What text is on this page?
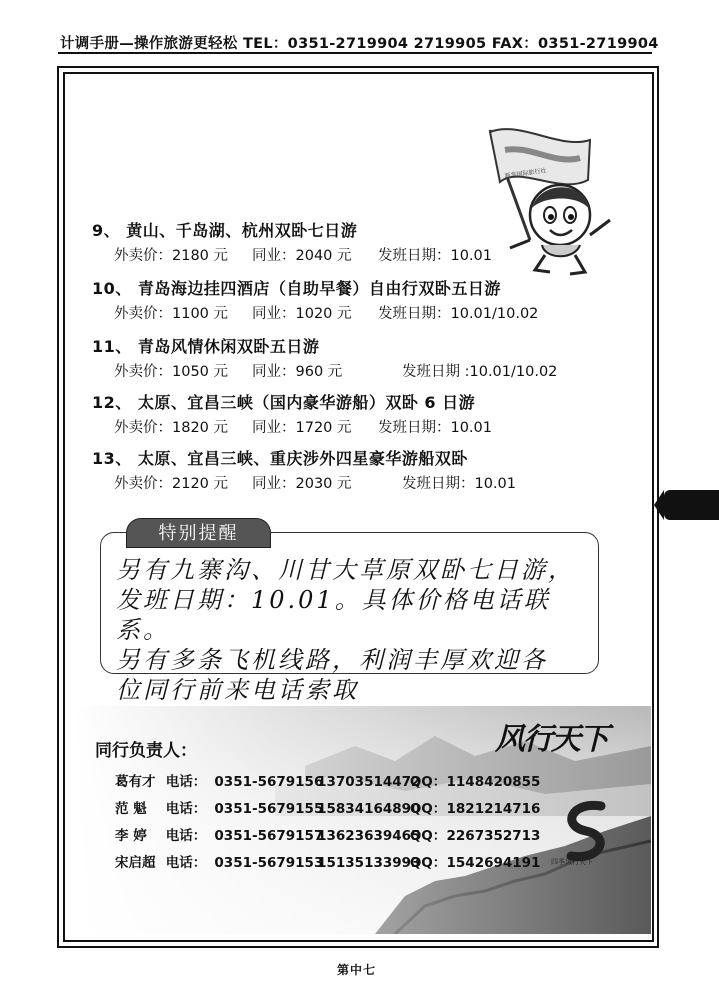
计调手册—操作旅游更轻松 TEL：0351-2719904 2719905 FAX：0351-2719904
新华国际旅行社
9、 黄山、千岛湖、杭州双卧七日游
外卖价：2180 元 同业：2040 元 发班日期：10.01
10、 青岛海边挂四酒店（自助早餐）自由行双卧五日游
外卖价：1100 元 同业：1020 元 发班日期：10.01/10.02
11、 青岛风情休闲双卧五日游
外卖价：1050 元 同业：960 元	发班日期 :10.01/10.02
12、 太原、宜昌三峡（国内豪华游船）双卧 6 日游
外卖价：1820 元 同业：1720 元 发班日期：10.01
13、 太原、宜昌三峡、重庆涉外四星豪华游船双卧
外卖价：2120 元 同业：2030 元	发班日期：10.01
特别提醒
另有九寨沟、川甘大草原双卧七日游，
发班日期：10.01。具体价格电话联系。
另有多条飞机线路，利润丰厚欢迎各
位同行前来电话索取
风行天下
四季风行天下
同行负责人：
葛有才 电话： 0351-5679156 13703514472 QQ： 1148420855
范 魁 电话： 0351-5679155 15834164890 QQ： 1821214716
李 婷 电话： 0351-5679157 13623639465 QQ： 2267352713
宋启超 电话： 0351-5679153 15135133993 QQ： 1542694191
第中七
